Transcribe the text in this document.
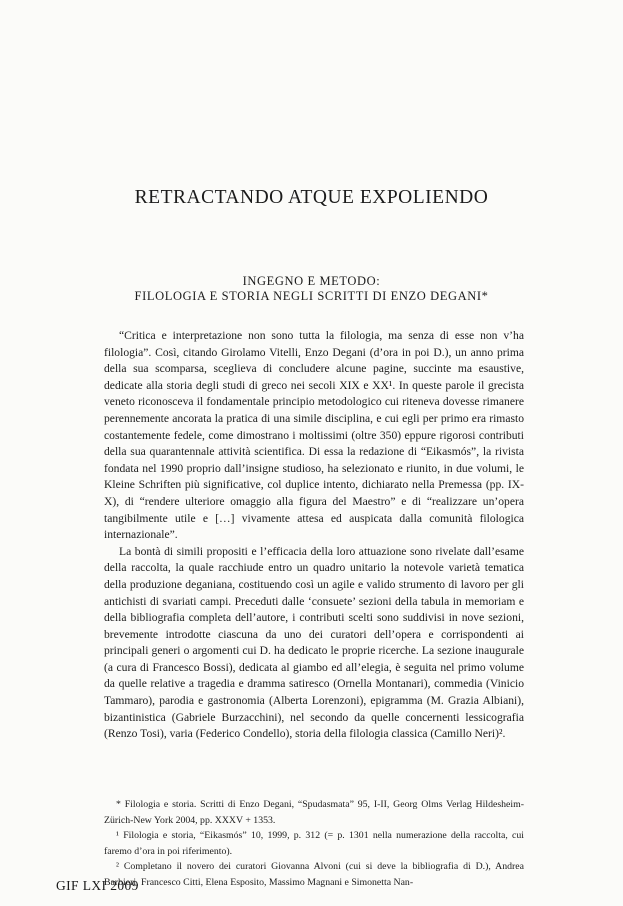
RETRACTANDO ATQUE EXPOLIENDO
INGEGNO E METODO:
FILOLOGIA E STORIA NEGLI SCRITTI DI ENZO DEGANI*

“Critica e interpretazione non sono tutta la filologia, ma senza di esse non v’ha filologia”. Così, citando Girolamo Vitelli, Enzo Degani (d’ora in poi D.), un anno prima della sua scomparsa, sceglieva di concludere alcune pagine, succinte ma esaustive, dedicate alla storia degli studi di greco nei secoli XIX e XX¹. In queste parole il grecista veneto riconosceva il fondamentale principio metodologico cui riteneva dovesse rimanere perennemente ancorata la pratica di una simile disciplina, e cui egli per primo era rimasto costantemente fedele, come dimostrano i moltissimi (oltre 350) eppure rigorosi contributi della sua quarantennale attività scientifica. Di essa la redazione di “Eikasmós”, la rivista fondata nel 1990 proprio dall’insigne studioso, ha selezionato e riunito, in due volumi, le Kleine Schriften più significative, col duplice intento, dichiarato nella Premessa (pp. IX-X), di “rendere ulteriore omaggio alla figura del Maestro” e di “realizzare un’opera tangibilmente utile e […] vivamente attesa ed auspicata dalla comunità filologica internazionale”.

La bontà di simili propositi e l’efficacia della loro attuazione sono rivelate dall’esame della raccolta, la quale racchiude entro un quadro unitario la notevole varietà tematica della produzione deganiana, costituendo così un agile e valido strumento di lavoro per gli antichisti di svariati campi. Preceduti dalle ‘consuete’ sezioni della tabula in memoriam e della bibliografia completa dell’autore, i contributi scelti sono suddivisi in nove sezioni, brevemente introdotte ciascuna da uno dei curatori dell’opera e corrispondenti ai principali generi o argomenti cui D. ha dedicato le proprie ricerche. La sezione inaugurale (a cura di Francesco Bossi), dedicata al giambo ed all’elegia, è seguita nel primo volume da quelle relative a tragedia e dramma satiresco (Ornella Montanari), commedia (Vinicio Tammaro), parodia e gastronomia (Alberta Lorenzoni), epigramma (M. Grazia Albiani), bizantinistica (Gabriele Burzacchini), nel secondo da quelle concernenti lessicografia (Renzo Tosi), varia (Federico Condello), storia della filologia classica (Camillo Neri)².

* Filologia e storia. Scritti di Enzo Degani, “Spudasmata” 95, I-II, Georg Olms Verlag Hildesheim-Zürich-New York 2004, pp. XXXV + 1353.

¹ Filologia e storia, “Eikasmós” 10, 1999, p. 312 (= p. 1301 nella numerazione della raccolta, cui faremo d’ora in poi riferimento).

² Completano il novero dei curatori Giovanna Alvoni (cui si deve la bibliografia di D.), Andrea Barbieri, Francesco Citti, Elena Esposito, Massimo Magnani e Simonetta Nan-

GIF LXI 2009
